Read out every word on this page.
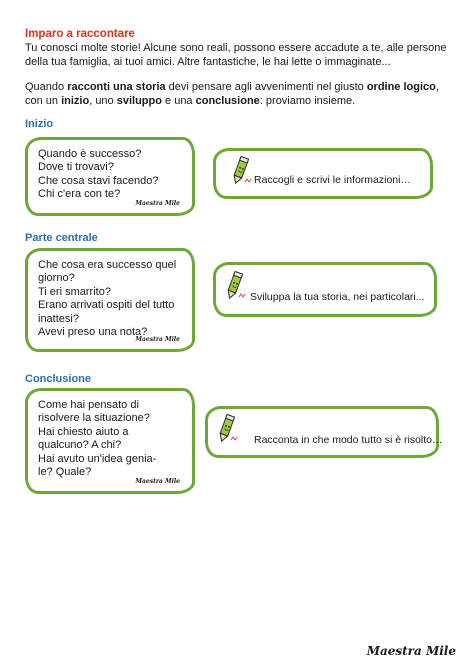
Imparo a raccontare
Tu conosci molte storie! Alcune sono reali, possono essere accadute a te, alle persone
della tua famiglia, ai tuoi amici. Altre fantastiche, le hai lette o immaginate...
Quando racconti una storia devi pensare agli avvenimenti nel giusto ordine logico,
con un inizio, uno sviluppo e una conclusione: proviamo insieme.
Inizio
Quando è successo?
Dove ti trovavi?
Che cosa stavi facendo?
Chi c'era con te?
Maestra Mile
Raccogli e scrivi le informazioni…
Parte centrale
Che cosa era successo quel
giorno?
Ti eri smarrito?
Erano arrivati ospiti del tutto
inattesi?
Avevi preso una nota?
Maestra Mile
Sviluppa la tua storia, nei particolari...
Conclusione
Come hai pensato di
risolvere la situazione?
Hai chiesto aiuto a
qualcuno? A chi?
Hai avuto un'idea genia-
le? Quale?
Maestra Mile
Racconta in che modo tutto si è risolto…
Maestra Mile
